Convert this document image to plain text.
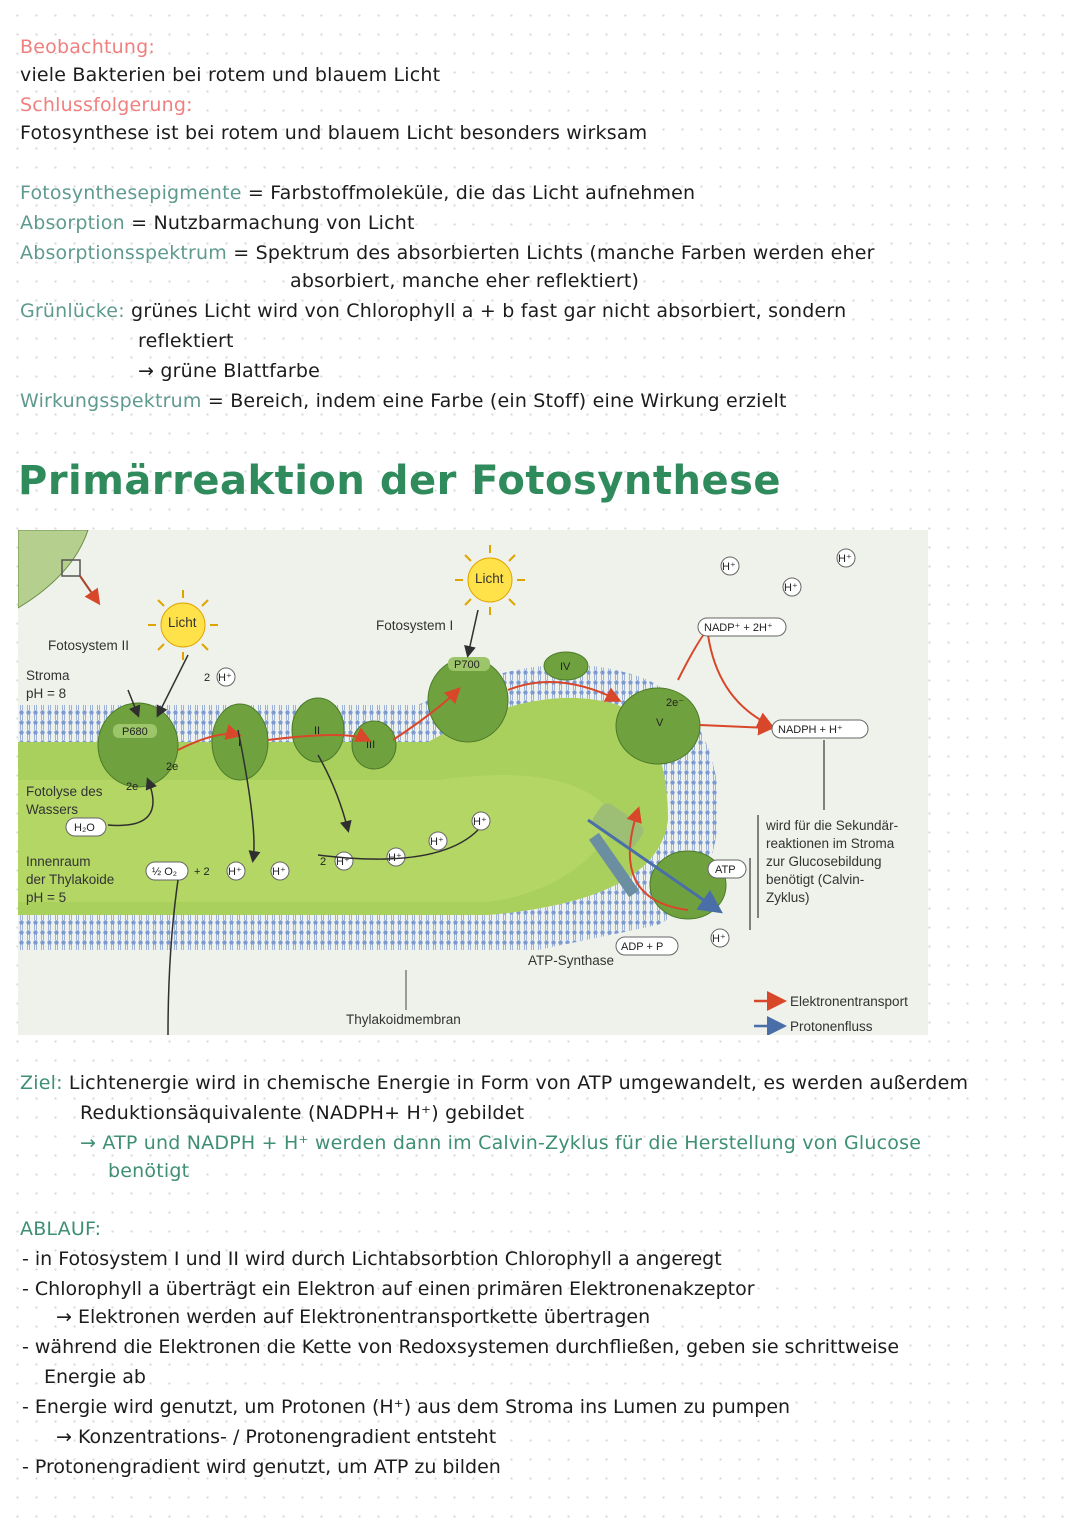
Beobachtung:
viele Bakterien bei rotem und blauem Licht
Schlussfolgerung:
Fotosynthese ist bei rotem und blauem Licht besonders wirksam
Fotosynthesepigmente = Farbstoffmoleküle, die das Licht aufnehmen
Absorption = Nutzbarmachung von Licht
Absorptionsspektrum = Spektrum des absorbierten Lichts (manche Farben werden eher
absorbiert, manche eher reflektiert)
Grünlücke: grünes Licht wird von Chlorophyll a + b fast gar nicht absorbiert, sondern
reflektiert
→ grüne Blattfarbe
Wirkungsspektrum = Bereich, indem eine Farbe (ein Stoff) eine Wirkung erzielt
Primärreaktion der Fotosynthese
P680
P700
Licht
Licht
Fotosystem II
Fotosystem I
Stroma
pH = 8
Fotolyse des
Wassers
H₂O
Innenraum
der Thylakoide
pH = 5
½ O₂ + 2
2
2
H⁺
H⁺	H⁺
H⁺	H⁺
H⁺
H⁺
H⁺
H⁺
H⁺
H⁺
2e
2e
2e⁻
I
II
III
IV
V
NADP⁺ + 2H⁺
NADPH + H⁺
ATP
ADP + P
ATP-Synthase
Thylakoidmembran
wird für die Sekundär-
reaktionen im Stroma
zur Glucosebildung
benötigt (Calvin-
Zyklus)
Elektronentransport
Protonenfluss
Ziel: Lichtenergie wird in chemische Energie in Form von ATP umgewandelt, es werden außerdem
Reduktionsäquivalente (NADPH+ H⁺) gebildet
→ ATP und NADPH + H⁺ werden dann im Calvin-Zyklus für die Herstellung von Glucose
benötigt
ABLAUF:
- in Fotosystem I und II wird durch Lichtabsorbtion Chlorophyll a angeregt
- Chlorophyll a überträgt ein Elektron auf einen primären Elektronenakzeptor
→ Elektronen werden auf Elektronentransportkette übertragen
- während die Elektronen die Kette von Redoxsystemen durchfließen, geben sie schrittweise
Energie ab
- Energie wird genutzt, um Protonen (H⁺) aus dem Stroma ins Lumen zu pumpen
→ Konzentrations- / Protonengradient entsteht
- Protonengradient wird genutzt, um ATP zu bilden
